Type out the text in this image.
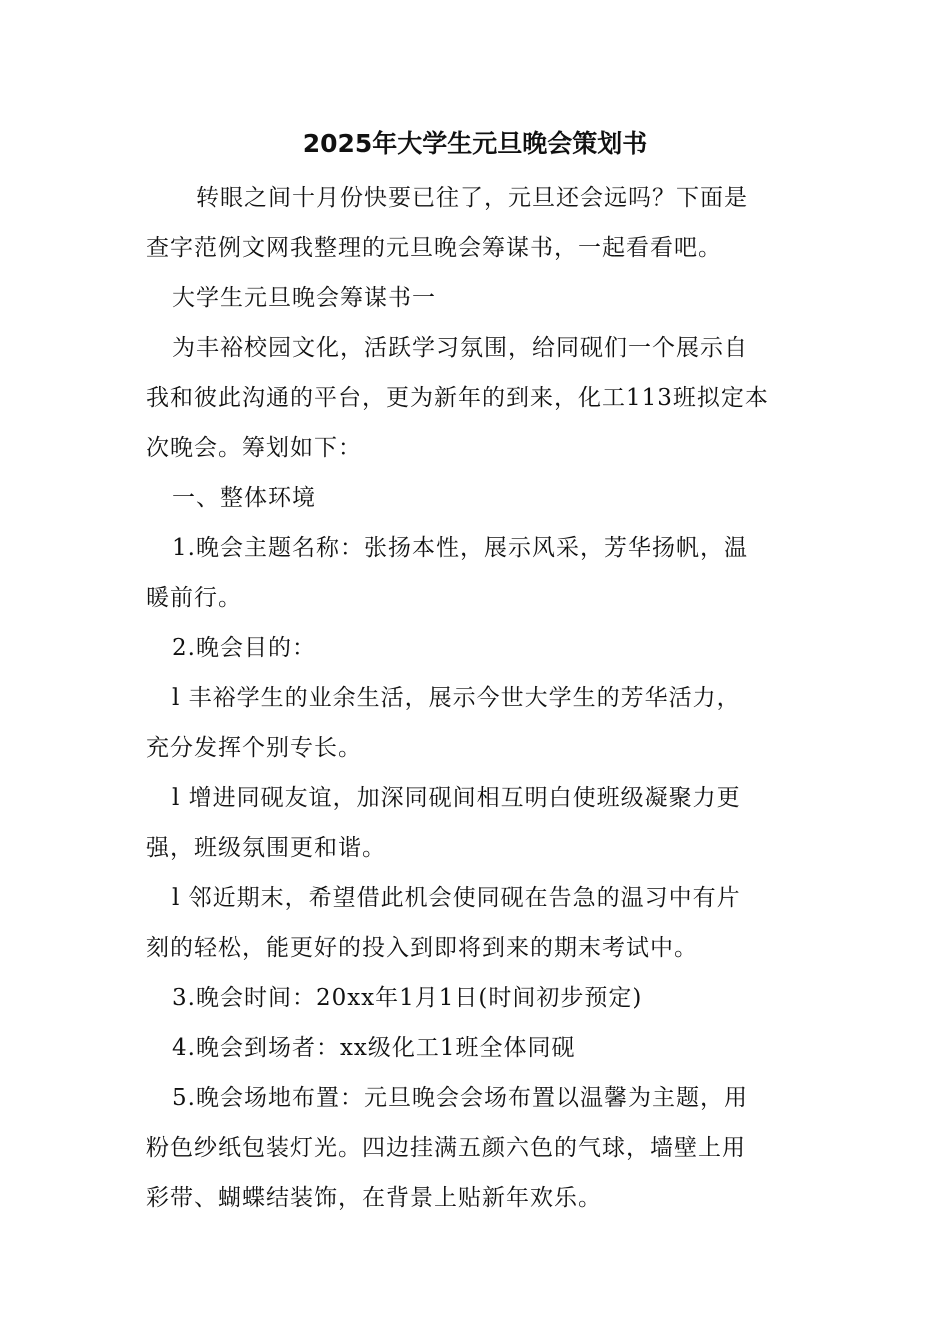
2025年大学生元旦晚会策划书

转眼之间十月份快要已往了，元旦还会远吗？下面是

查字范例文网我整理的元旦晚会筹谋书，一起看看吧。

大学生元旦晚会筹谋书一

为丰裕校园文化，活跃学习氛围，给同砚们一个展示自

我和彼此沟通的平台，更为新年的到来，化工113班拟定本

次晚会。筹划如下：

一、整体环境

1.晚会主题名称：张扬本性，展示风采，芳华扬帆，温

暖前行。

2.晚会目的：

l 丰裕学生的业余生活，展示今世大学生的芳华活力，

充分发挥个别专长。

l 增进同砚友谊，加深同砚间相互明白使班级凝聚力更

强，班级氛围更和谐。

l 邻近期末，希望借此机会使同砚在告急的温习中有片

刻的轻松，能更好的投入到即将到来的期末考试中。

3.晚会时间：20xx年1月1日(时间初步预定)

4.晚会到场者：xx级化工1班全体同砚

5.晚会场地布置：元旦晚会会场布置以温馨为主题，用

粉色纱纸包装灯光。四边挂满五颜六色的气球，墙壁上用

彩带、蝴蝶结装饰，在背景上贴新年欢乐。
